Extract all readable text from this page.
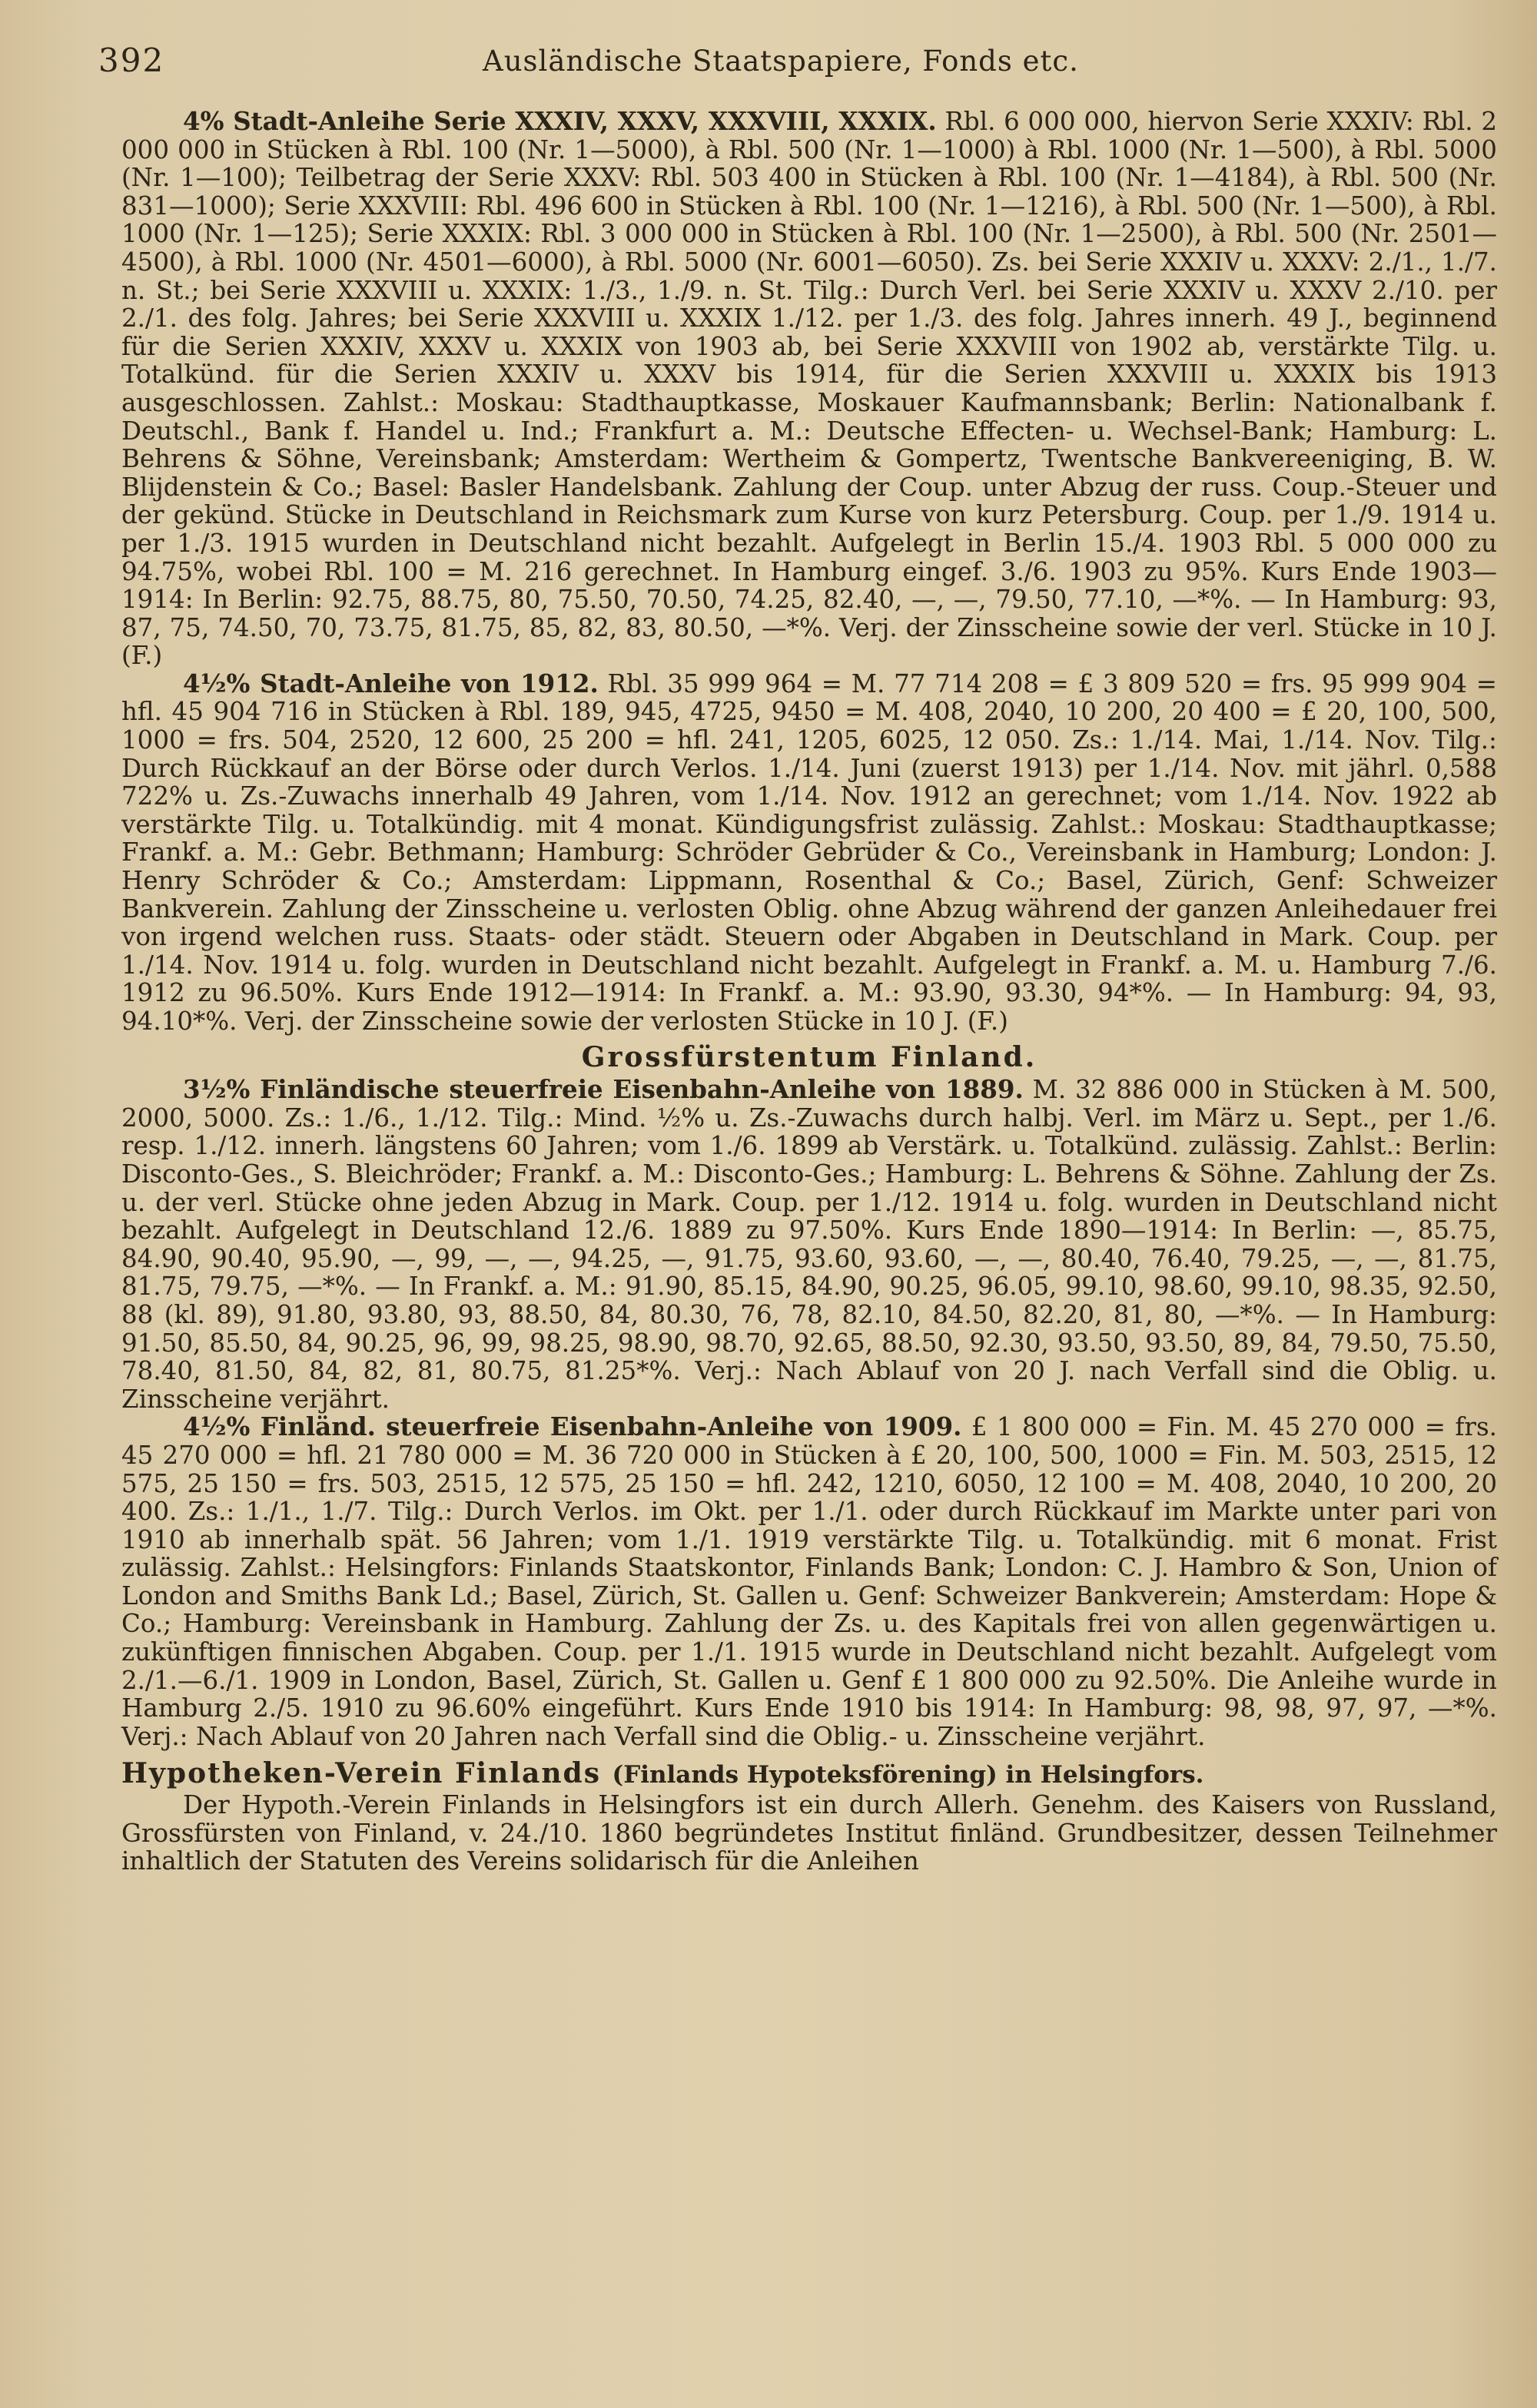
392	Ausländische Staatspapiere, Fonds etc.

4% Stadt-Anleihe Serie XXXIV, XXXV, XXXVIII, XXXIX. Rbl. 6 000 000, hiervon Serie XXXIV: Rbl. 2 000 000 in Stücken à Rbl. 100 (Nr. 1—5000), à Rbl. 500 (Nr. 1—1000) à Rbl. 1000 (Nr. 1—500), à Rbl. 5000 (Nr. 1—100); Teilbetrag der Serie XXXV: Rbl. 503 400 in Stücken à Rbl. 100 (Nr. 1—4184), à Rbl. 500 (Nr. 831—1000); Serie XXXVIII: Rbl. 496 600 in Stücken à Rbl. 100 (Nr. 1—1216), à Rbl. 500 (Nr. 1—500), à Rbl. 1000 (Nr. 1—125); Serie XXXIX: Rbl. 3 000 000 in Stücken à Rbl. 100 (Nr. 1—2500), à Rbl. 500 (Nr. 2501—4500), à Rbl. 1000 (Nr. 4501—6000), à Rbl. 5000 (Nr. 6001—6050). Zs. bei Serie XXXIV u. XXXV: 2./1., 1./7. n. St.; bei Serie XXXVIII u. XXXIX: 1./3., 1./9. n. St. Tilg.: Durch Verl. bei Serie XXXIV u. XXXV 2./10. per 2./1. des folg. Jahres; bei Serie XXXVIII u. XXXIX 1./12. per 1./3. des folg. Jahres innerh. 49 J., beginnend für die Serien XXXIV, XXXV u. XXXIX von 1903 ab, bei Serie XXXVIII von 1902 ab, verstärkte Tilg. u. Totalkünd. für die Serien XXXIV u. XXXV bis 1914, für die Serien XXXVIII u. XXXIX bis 1913 ausgeschlossen. Zahlst.: Moskau: Stadthauptkasse, Moskauer Kaufmannsbank; Berlin: Nationalbank f. Deutschl., Bank f. Handel u. Ind.; Frankfurt a. M.: Deutsche Effecten- u. Wechsel-Bank; Hamburg: L. Behrens & Söhne, Vereinsbank; Amsterdam: Wertheim & Gompertz, Twentsche Bankvereeniging, B. W. Blijdenstein & Co.; Basel: Basler Handelsbank. Zahlung der Coup. unter Abzug der russ. Coup.-Steuer und der gekünd. Stücke in Deutschland in Reichsmark zum Kurse von kurz Petersburg. Coup. per 1./9. 1914 u. per 1./3. 1915 wurden in Deutschland nicht bezahlt. Aufgelegt in Berlin 15./4. 1903 Rbl. 5 000 000 zu 94.75%, wobei Rbl. 100 = M. 216 gerechnet. In Hamburg eingef. 3./6. 1903 zu 95%. Kurs Ende 1903—1914: In Berlin: 92.75, 88.75, 80, 75.50, 70.50, 74.25, 82.40, —, —, 79.50, 77.10, —*%. — In Hamburg: 93, 87, 75, 74.50, 70, 73.75, 81.75, 85, 82, 83, 80.50, —*%. Verj. der Zinsscheine sowie der verl. Stücke in 10 J. (F.)

4½% Stadt-Anleihe von 1912. Rbl. 35 999 964 = M. 77 714 208 = £ 3 809 520 = frs. 95 999 904 = hfl. 45 904 716 in Stücken à Rbl. 189, 945, 4725, 9450 = M. 408, 2040, 10 200, 20 400 = £ 20, 100, 500, 1000 = frs. 504, 2520, 12 600, 25 200 = hfl. 241, 1205, 6025, 12 050. Zs.: 1./14. Mai, 1./14. Nov. Tilg.: Durch Rückkauf an der Börse oder durch Verlos. 1./14. Juni (zuerst 1913) per 1./14. Nov. mit jährl. 0,588 722% u. Zs.-Zuwachs innerhalb 49 Jahren, vom 1./14. Nov. 1912 an gerechnet; vom 1./14. Nov. 1922 ab verstärkte Tilg. u. Totalkündig. mit 4 monat. Kündigungsfrist zulässig. Zahlst.: Moskau: Stadthauptkasse; Frankf. a. M.: Gebr. Bethmann; Hamburg: Schröder Gebrüder & Co., Vereinsbank in Hamburg; London: J. Henry Schröder & Co.; Amsterdam: Lippmann, Rosenthal & Co.; Basel, Zürich, Genf: Schweizer Bankverein. Zahlung der Zinsscheine u. verlosten Oblig. ohne Abzug während der ganzen Anleihedauer frei von irgend welchen russ. Staats- oder städt. Steuern oder Abgaben in Deutschland in Mark. Coup. per 1./14. Nov. 1914 u. folg. wurden in Deutschland nicht bezahlt. Aufgelegt in Frankf. a. M. u. Hamburg 7./6. 1912 zu 96.50%. Kurs Ende 1912—1914: In Frankf. a. M.: 93.90, 93.30, 94*%. — In Hamburg: 94, 93, 94.10*%. Verj. der Zinsscheine sowie der verlosten Stücke in 10 J. (F.)

Grossfürstentum Finland.

3½% Finländische steuerfreie Eisenbahn-Anleihe von 1889. M. 32 886 000 in Stücken à M. 500, 2000, 5000. Zs.: 1./6., 1./12. Tilg.: Mind. ½% u. Zs.-Zuwachs durch halbj. Verl. im März u. Sept., per 1./6. resp. 1./12. innerh. längstens 60 Jahren; vom 1./6. 1899 ab Verstärk. u. Totalkünd. zulässig. Zahlst.: Berlin: Disconto-Ges., S. Bleichröder; Frankf. a. M.: Disconto-Ges.; Hamburg: L. Behrens & Söhne. Zahlung der Zs. u. der verl. Stücke ohne jeden Abzug in Mark. Coup. per 1./12. 1914 u. folg. wurden in Deutschland nicht bezahlt. Aufgelegt in Deutschland 12./6. 1889 zu 97.50%. Kurs Ende 1890—1914: In Berlin: —, 85.75, 84.90, 90.40, 95.90, —, 99, —, —, 94.25, —, 91.75, 93.60, 93.60, —, —, 80.40, 76.40, 79.25, —, —, 81.75, 81.75, 79.75, —*%. — In Frankf. a. M.: 91.90, 85.15, 84.90, 90.25, 96.05, 99.10, 98.60, 99.10, 98.35, 92.50, 88 (kl. 89), 91.80, 93.80, 93, 88.50, 84, 80.30, 76, 78, 82.10, 84.50, 82.20, 81, 80, —*%. — In Hamburg: 91.50, 85.50, 84, 90.25, 96, 99, 98.25, 98.90, 98.70, 92.65, 88.50, 92.30, 93.50, 93.50, 89, 84, 79.50, 75.50, 78.40, 81.50, 84, 82, 81, 80.75, 81.25*%. Verj.: Nach Ablauf von 20 J. nach Verfall sind die Oblig. u. Zinsscheine verjährt.

4½% Finländ. steuerfreie Eisenbahn-Anleihe von 1909. £ 1 800 000 = Fin. M. 45 270 000 = frs. 45 270 000 = hfl. 21 780 000 = M. 36 720 000 in Stücken à £ 20, 100, 500, 1000 = Fin. M. 503, 2515, 12 575, 25 150 = frs. 503, 2515, 12 575, 25 150 = hfl. 242, 1210, 6050, 12 100 = M. 408, 2040, 10 200, 20 400. Zs.: 1./1., 1./7. Tilg.: Durch Verlos. im Okt. per 1./1. oder durch Rückkauf im Markte unter pari von 1910 ab innerhalb spät. 56 Jahren; vom 1./1. 1919 verstärkte Tilg. u. Totalkündig. mit 6 monat. Frist zulässig. Zahlst.: Helsingfors: Finlands Staatskontor, Finlands Bank; London: C. J. Hambro & Son, Union of London and Smiths Bank Ld.; Basel, Zürich, St. Gallen u. Genf: Schweizer Bankverein; Amsterdam: Hope & Co.; Hamburg: Vereinsbank in Hamburg. Zahlung der Zs. u. des Kapitals frei von allen gegenwärtigen u. zukünftigen finnischen Abgaben. Coup. per 1./1. 1915 wurde in Deutschland nicht bezahlt. Aufgelegt vom 2./1.—6./1. 1909 in London, Basel, Zürich, St. Gallen u. Genf £ 1 800 000 zu 92.50%. Die Anleihe wurde in Hamburg 2./5. 1910 zu 96.60% eingeführt. Kurs Ende 1910 bis 1914: In Hamburg: 98, 98, 97, 97, —*%. Verj.: Nach Ablauf von 20 Jahren nach Verfall sind die Oblig.- u. Zinsscheine verjährt.

Hypotheken-Verein Finlands (Finlands Hypoteksförening) in Helsingfors.

Der Hypoth.-Verein Finlands in Helsingfors ist ein durch Allerh. Genehm. des Kaisers von Russland, Grossfürsten von Finland, v. 24./10. 1860 begründetes Institut finländ. Grundbesitzer, dessen Teilnehmer inhaltlich der Statuten des Vereins solidarisch für die Anleihen
